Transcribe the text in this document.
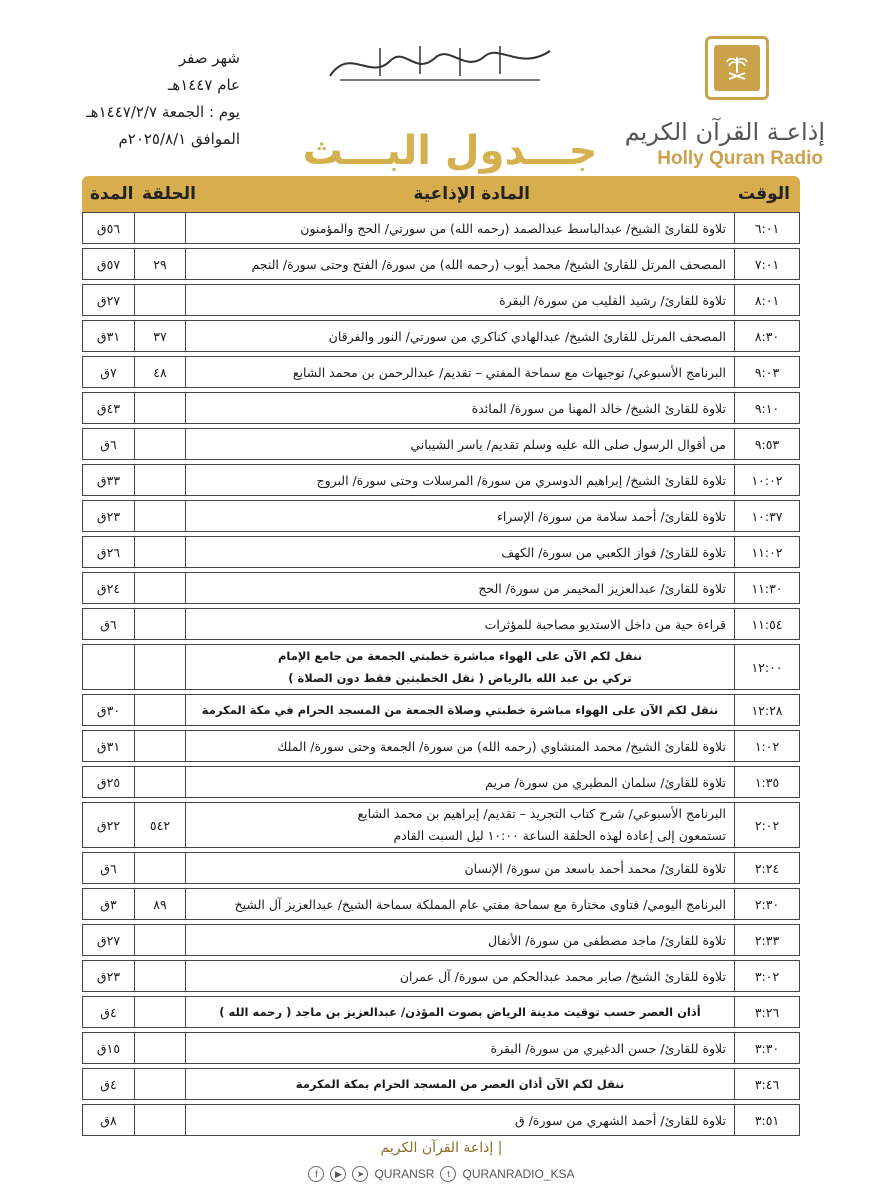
إذاعـة القرآن الكريم
Holly Quran Radio
جـــدول البـــث
شهر صفر
عام ١٤٤٧هـ
يوم : الجمعة ١٤٤٧/٢/٧هـ
الموافق ٢٠٢٥/٨/١م
الوقت
المادة الإذاعية
الحلقة
المدة
٦:٠١	تلاوة للقارئ الشيخ/ عبدالباسط عبدالصمد (رحمه الله) من سورتي/ الحج والمؤمنون		٥٦ق

٧:٠١	المصحف المرتل للقارئ الشيخ/ محمد أيوب (رحمه الله) من سورة/ الفتح وحتى سورة/ النجم	٢٩	٥٧ق

٨:٠١	تلاوة للقارئ/ رشيد القليب من سورة/ البقرة		٢٧ق

٨:٣٠	المصحف المرتل للقارئ الشيخ/ عبدالهادي كناكري من سورتي/ النور والفرقان	٣٧	٣١ق

٩:٠٣	البرنامج الأسبوعي/ توجيهات مع سماحة المفتي – تقديم/ عبدالرحمن بن محمد الشايع	٤٨	٧ق

٩:١٠	تلاوة للقارئ الشيخ/ خالد المهنا من سورة/ المائدة		٤٣ق

٩:٥٣	من أقوال الرسول صلى الله عليه وسلم تقديم/ ياسر الشيباني		٦ق

١٠:٠٢	تلاوة للقارئ الشيخ/ إبراهيم الدوسري من سورة/ المرسلات وحتى سورة/ البروج		٣٣ق

١٠:٣٧	تلاوة للقارئ/ أحمد سلامة من سورة/ الإسراء		٢٣ق

١١:٠٢	تلاوة للقارئ/ فواز الكعبي من سورة/ الكهف		٢٦ق

١١:٣٠	تلاوة للقارئ/ عبدالعزيز المخيمر من سورة/ الحج		٢٤ق

١١:٥٤	قراءة حية من داخل الاستديو مصاحبة للمؤثرات		٦ق

١٢:٠٠	ننقل لكم الآن على الهواء مباشرة خطبتي الجمعة من جامع الإمام
تركي بن عبد الله بالرياض ( نقل الخطبتين فقط دون الصلاة )		

١٢:٢٨	ننقل لكم الآن على الهواء مباشرة خطبتي وصلاة الجمعة من المسجد الحرام في مكة المكرمة		٣٠ق

١:٠٢	تلاوة للقارئ الشيخ/ محمد المنشاوي (رحمه الله) من سورة/ الجمعة وحتى سورة/ الملك		٣١ق

١:٣٥	تلاوة للقارئ/ سلمان المطيري من سورة/ مريم		٢٥ق

٢:٠٢	البرنامج الأسبوعي/ شرح كتاب التجريد – تقديم/ إبراهيم بن محمد الشايع
تستمعون إلى إعادة لهذه الحلقة الساعة ١٠:٠٠ ليل السبت القادم	٥٤٢	٢٢ق

٢:٢٤	تلاوة للقارئ/ محمد أحمد باسعد من سورة/ الإنسان		٦ق

٢:٣٠	البرنامج اليومي/ فتاوى مختارة مع سماحة مفتي عام المملكة سماحة الشيخ/ عبدالعزيز آل الشيخ	٨٩	٣ق

٢:٣٣	تلاوة للقارئ/ ماجد مصطفى من سورة/ الأنفال		٢٧ق

٣:٠٢	تلاوة للقارئ الشيخ/ صابر محمد عبدالحكم من سورة/ آل عمران		٢٣ق

٣:٢٦	أذان العصر حسب توقيت مدينة الرياض بصوت المؤذن/ عبدالعزيز بن ماجد ( رحمه الله )		٤ق

٣:٣٠	تلاوة للقارئ/ حسن الدغيري من سورة/ البقرة		١٥ق

٣:٤٦	ننقل لكم الآن أذان العصر من المسجد الحرام بمكة المكرمة		٤ق

٣:٥١	تلاوة للقارئ/ أحمد الشهري من سورة/ ق		٨ق
إذاعة القرآن الكريم |
f	▶	➤ QURANSR	t	QURANRADIO_KSA
